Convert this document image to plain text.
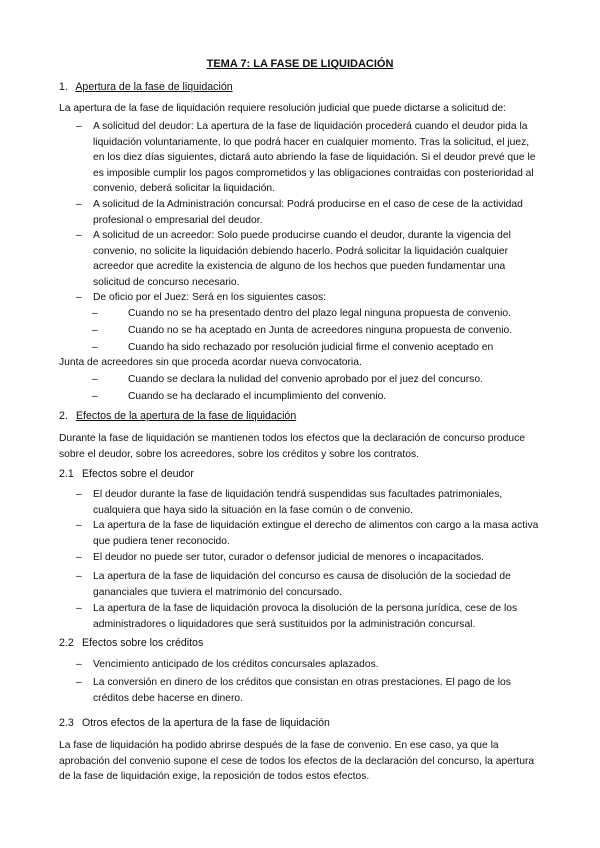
TEMA 7: LA FASE DE LIQUIDACIÓN
1. Apertura de la fase de liquidación
La apertura de la fase de liquidación requiere resolución judicial que puede dictarse a solicitud de:
– A solicitud del deudor: La apertura de la fase de liquidación procederá cuando el deudor pida la liquidación voluntariamente, lo que podrá hacer en cualquier momento. Tras la solicitud, el juez, en los diez días siguientes, dictará auto abriendo la fase de liquidación. Si el deudor prevé que le es imposible cumplir los pagos comprometidos y las obligaciones contraidas con posterioridad al convenio, deberá solicitar la liquidación.
– A solicitud de la Administración concursal: Podrá producirse en el caso de cese de la actividad profesional o empresarial del deudor.
– A solicitud de un acreedor: Solo puede producirse cuando el deudor, durante la vigencia del convenio, no solicite la liquidación debiendo hacerlo. Podrá solicitar la liquidación cualquier acreedor que acredite la existencia de alguno de los hechos que pueden fundamentar una solicitud de concurso necesario.
– De oficio por el Juez: Será en los siguientes casos:
–	Cuando no se ha presentado dentro del plazo legal ninguna propuesta de convenio.
–	Cuando no se ha aceptado en Junta de acreedores ninguna propuesta de convenio.
–	Cuando ha sido rechazado por resolución judicial firme el convenio aceptado en
Junta de acreedores sin que proceda acordar nueva convocatoria.
–	Cuando se declara la nulidad del convenio aprobado por el juez del concurso.
–	Cuando se ha declarado el incumplimiento del convenio.
2. Efectos de la apertura de la fase de liquidación
Durante la fase de liquidación se mantienen todos los efectos que la declaración de concurso produce sobre el deudor, sobre los acreedores, sobre los créditos y sobre los contratos.
2.1 Efectos sobre el deudor
– El deudor durante la fase de liquidación tendrá suspendidas sus facultades patrimoniales, cualquiera que haya sido la situación en la fase común o de convenio.
– La apertura de la fase de liquidación extingue el derecho de alimentos con cargo a la masa activa que pudiera tener reconocido.
– El deudor no puede ser tutor, curador o defensor judicial de menores o incapacitados.
– La apertura de la fase de liquidación del concurso es causa de disolución de la sociedad de gananciales que tuviera el matrimonio del concursado.
– La apertura de la fase de liquidación provoca la disolución de la persona jurídica, cese de los administradores o liquidadores que será sustituidos por la administración concursal.
2.2 Efectos sobre los créditos
– Vencimiento anticipado de los créditos concursales aplazados.
– La conversión en dinero de los créditos que consistan en otras prestaciones. El pago de los créditos debe hacerse en dinero.
2.3 Otros efectos de la apertura de la fase de liquidación
La fase de liquidación ha podido abrirse después de la fase de convenio. En ese caso, ya que la aprobación del convenio supone el cese de todos los efectos de la declaración del concurso, la apertura de la fase de liquidación exige, la reposición de todos estos efectos.
